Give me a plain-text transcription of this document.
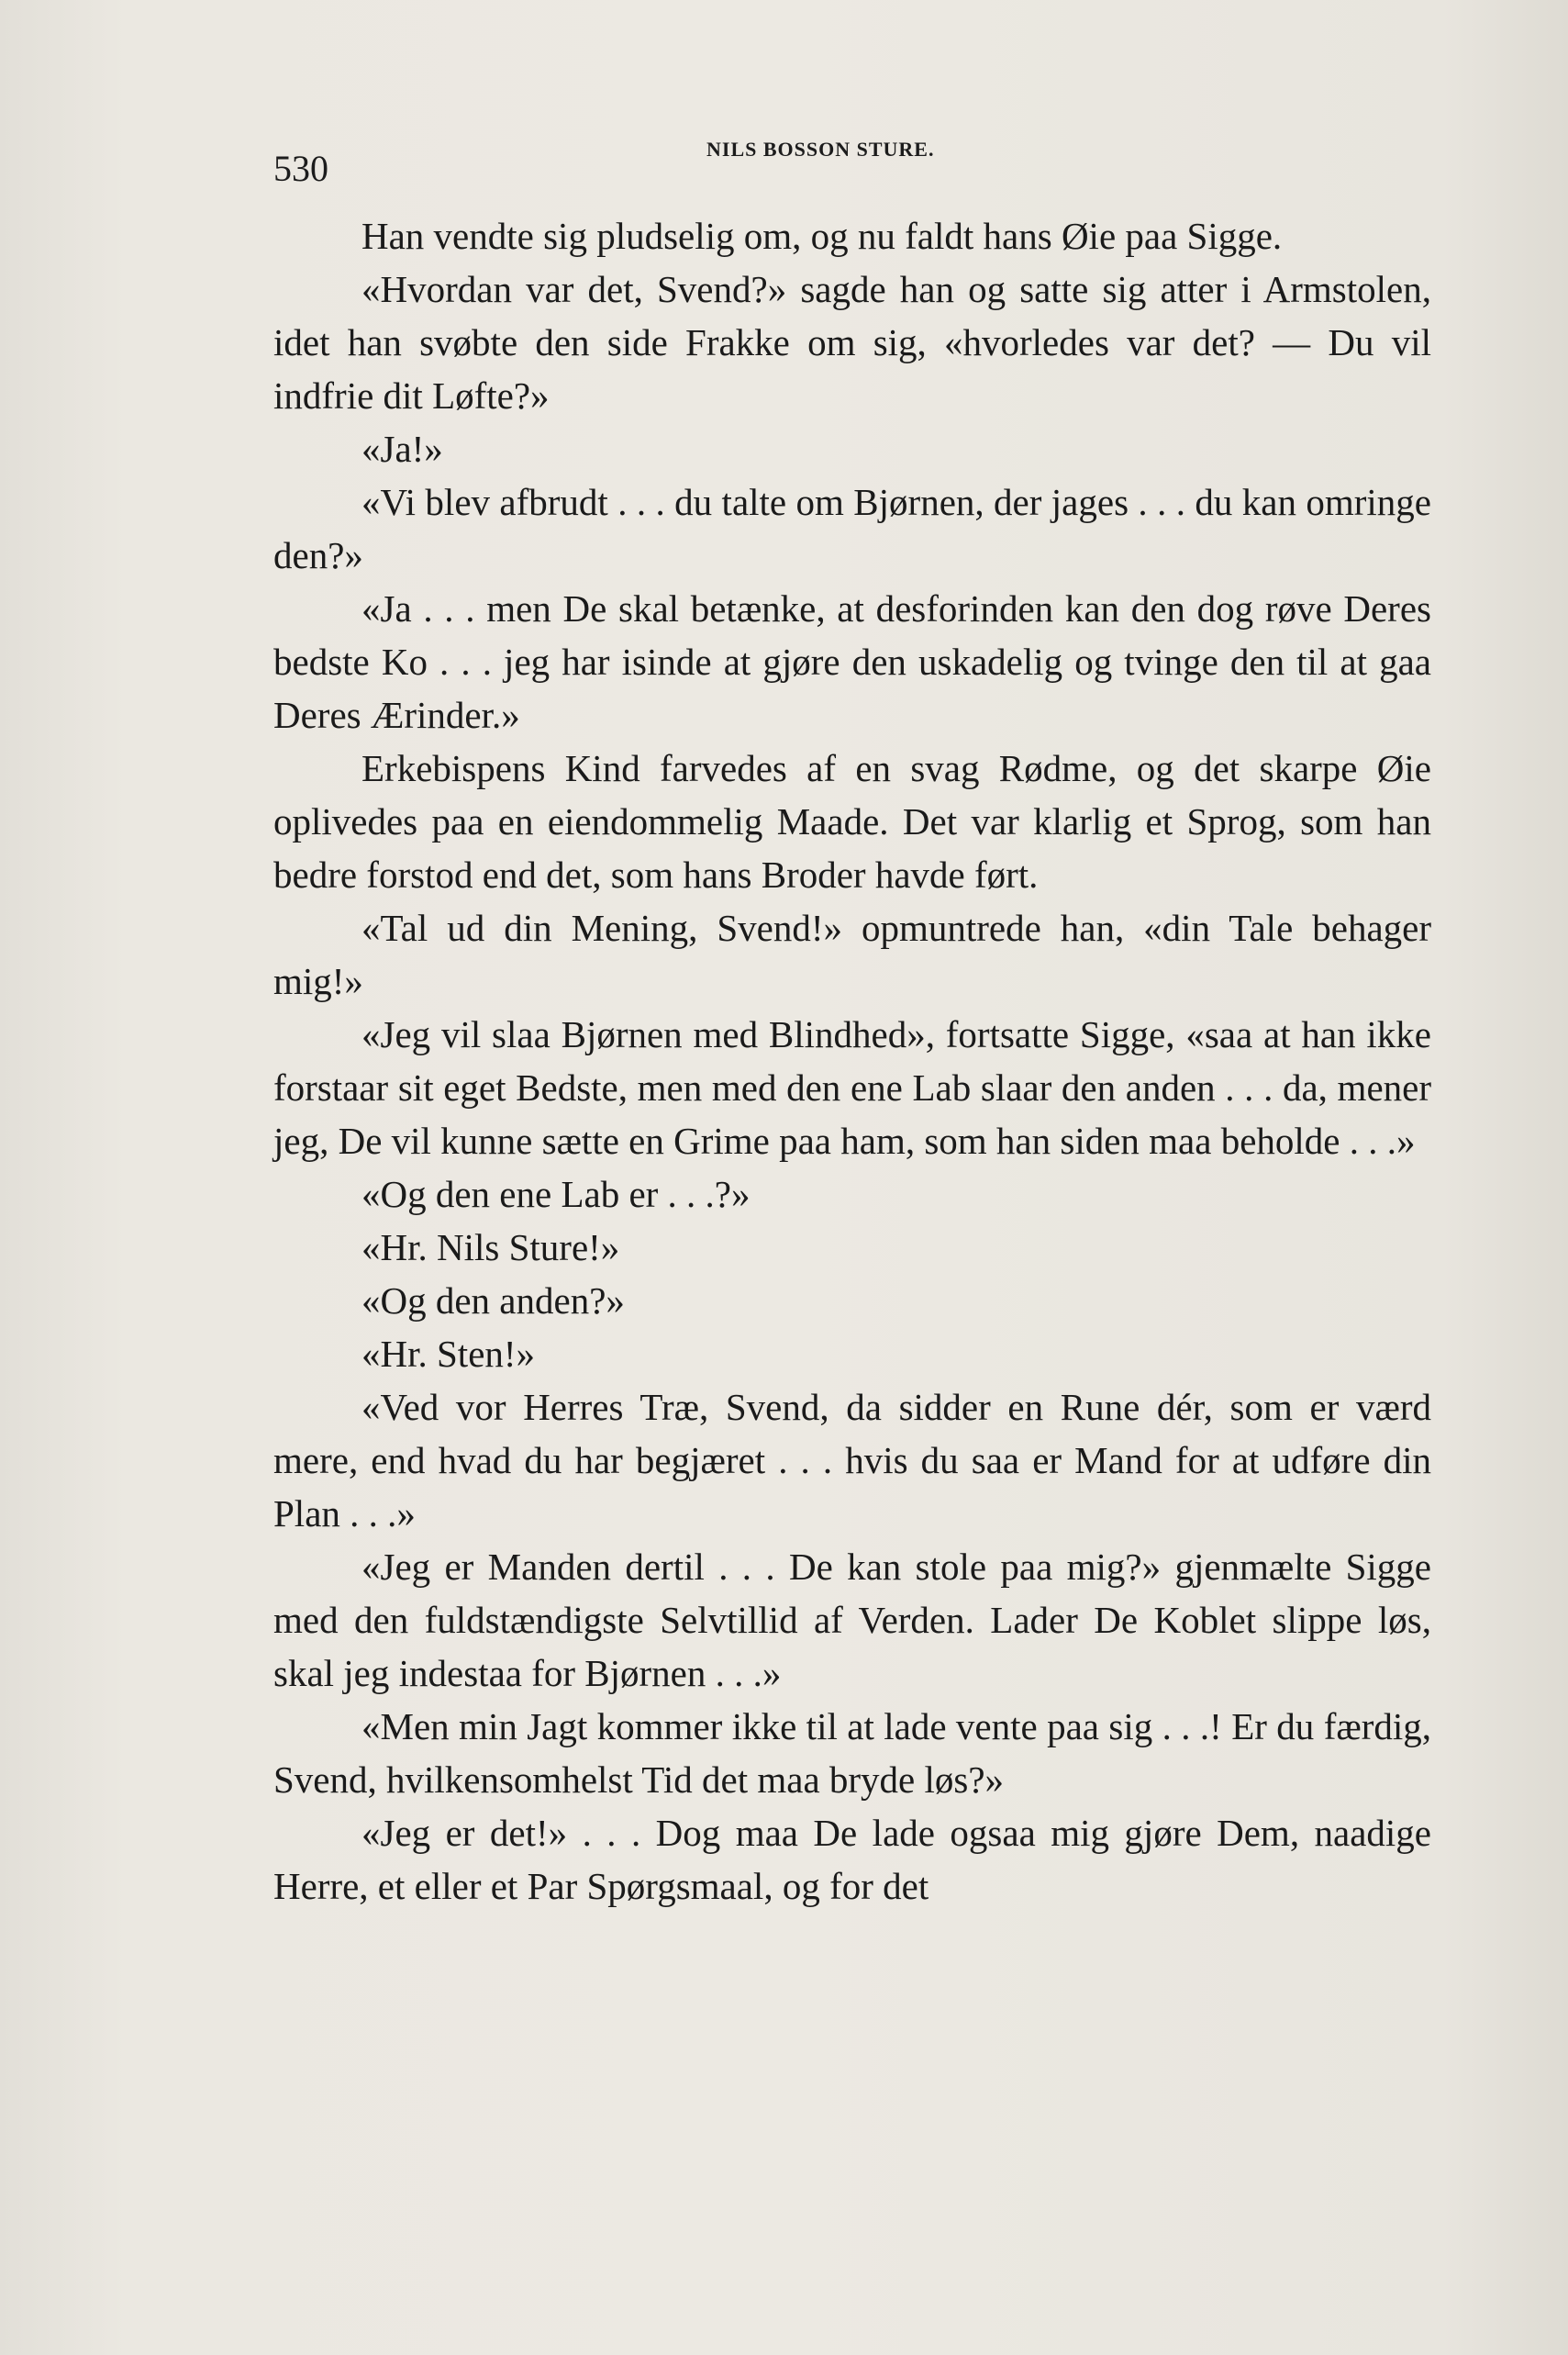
530	NILS BOSSON STURE.

Han vendte sig pludselig om, og nu faldt hans Øie paa Sigge.

«Hvordan var det, Svend?» sagde han og satte sig atter i Armstolen, idet han svøbte den side Frakke om sig, «hvorledes var det? — Du vil indfrie dit Løfte?»

«Ja!»

«Vi blev afbrudt . . . du talte om Bjørnen, der jages . . . du kan omringe den?»

«Ja . . . men De skal betænke, at desforinden kan den dog røve Deres bedste Ko . . . jeg har isinde at gjøre den uskadelig og tvinge den til at gaa Deres Ærinder.»

Erkebispens Kind farvedes af en svag Rødme, og det skarpe Øie oplivedes paa en eiendommelig Maade. Det var klarlig et Sprog, som han bedre forstod end det, som hans Broder havde ført.

«Tal ud din Mening, Svend!» opmuntrede han, «din Tale behager mig!»

«Jeg vil slaa Bjørnen med Blindhed», fortsatte Sigge, «saa at han ikke forstaar sit eget Bedste, men med den ene Lab slaar den anden . . . da, mener jeg, De vil kunne sætte en Grime paa ham, som han siden maa beholde . . .»

«Og den ene Lab er . . .?»

«Hr. Nils Sture!»

«Og den anden?»

«Hr. Sten!»

«Ved vor Herres Træ, Svend, da sidder en Rune dér, som er værd mere, end hvad du har begjæret . . . hvis du saa er Mand for at udføre din Plan . . .»

«Jeg er Manden dertil . . . De kan stole paa mig?» gjenmælte Sigge med den fuldstændigste Selvtillid af Verden. Lader De Koblet slippe løs, skal jeg indestaa for Bjørnen . . .»

«Men min Jagt kommer ikke til at lade vente paa sig . . .! Er du færdig, Svend, hvilkensomhelst Tid det maa bryde løs?»

«Jeg er det!» . . . Dog maa De lade ogsaa mig gjøre Dem, naadige Herre, et eller et Par Spørgsmaal, og for det
